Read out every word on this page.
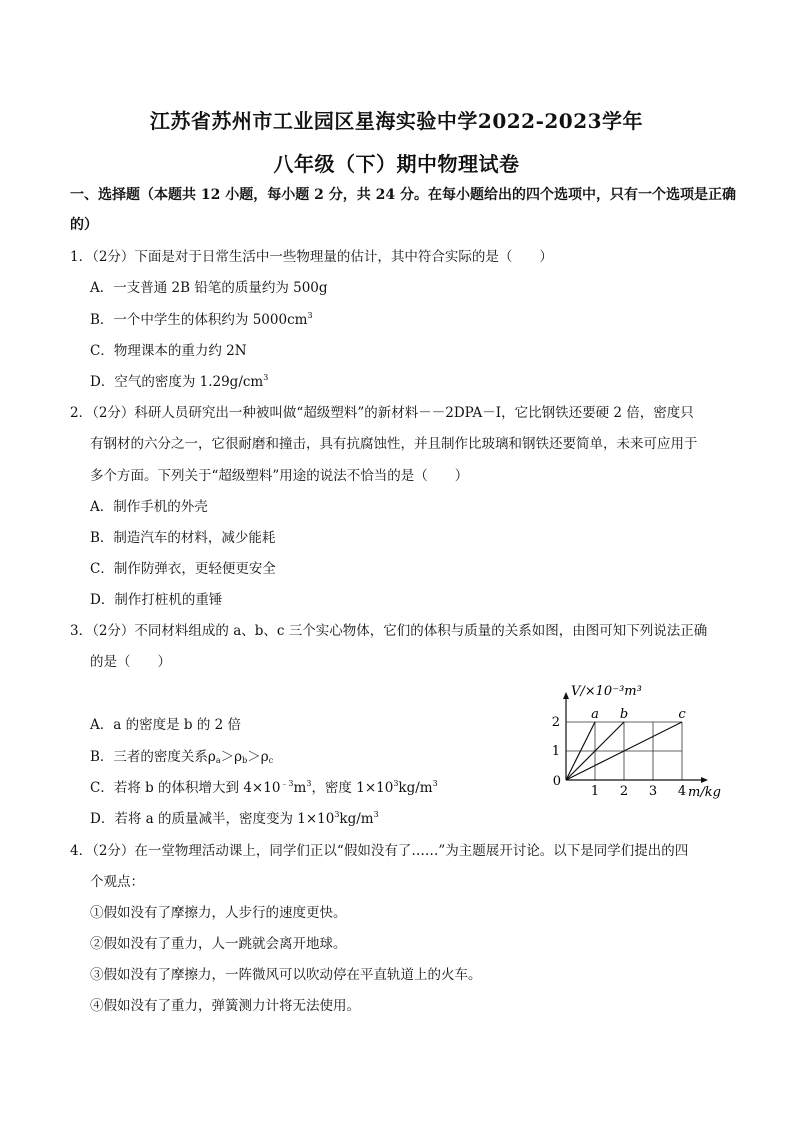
江苏省苏州市工业园区星海实验中学2022-2023学年
八年级（下）期中物理试卷
一、选择题（本题共 12 小题，每小题 2 分，共 24 分。在每小题给出的四个选项中，只有一个选项是正确
的）
1．（2分）下面是对于日常生活中一些物理量的估计，其中符合实际的是（　　）
A．一支普通 2B 铅笔的质量约为 500g
B．一个中学生的体积约为 $5000cm^3$
C．物理课本的重力约 2N
D．空气的密度为 $1.29g/cm^3$
2．（2分）科研人员研究出一种被叫做“超级塑料”的新材料－－2DPA－I，它比钢铁还要硬 2 倍，密度只
有钢材的六分之一，它很耐磨和撞击，具有抗腐蚀性，并且制作比玻璃和钢铁还要简单，未来可应用于
多个方面。下列关于“超级塑料”用途的说法不恰当的是（　　）
A．制作手机的外壳
B．制造汽车的材料，减少能耗
C．制作防弹衣，更轻便更安全
D．制作打桩机的重锤
3．（2分）不同材料组成的 a、b、c 三个实心物体，它们的体积与质量的关系如图，由图可知下列说法正确
的是（　　）
A．a 的密度是 b 的 2 倍
B．三者的密度关系$\rho_a>\rho_b>\rho_c$
C．若将 b 的体积增大到 $4\times 10^{﹣3}m^3$，密度 $1\times 10^3kg/m^3$
D．若将 a 的质量减半，密度变为 $1\times 10^3kg/m^3$
1 2 3 4
1
2
0
V/×10⁻³m³
m/kg
a b	c
4．（2分）在一堂物理活动课上，同学们正以“假如没有了……”为主题展开讨论。以下是同学们提出的四
个观点：
①假如没有了摩擦力，人步行的速度更快。
②假如没有了重力，人一跳就会离开地球。
③假如没有了摩擦力，一阵微风可以吹动停在平直轨道上的火车。
④假如没有了重力，弹簧测力计将无法使用。
